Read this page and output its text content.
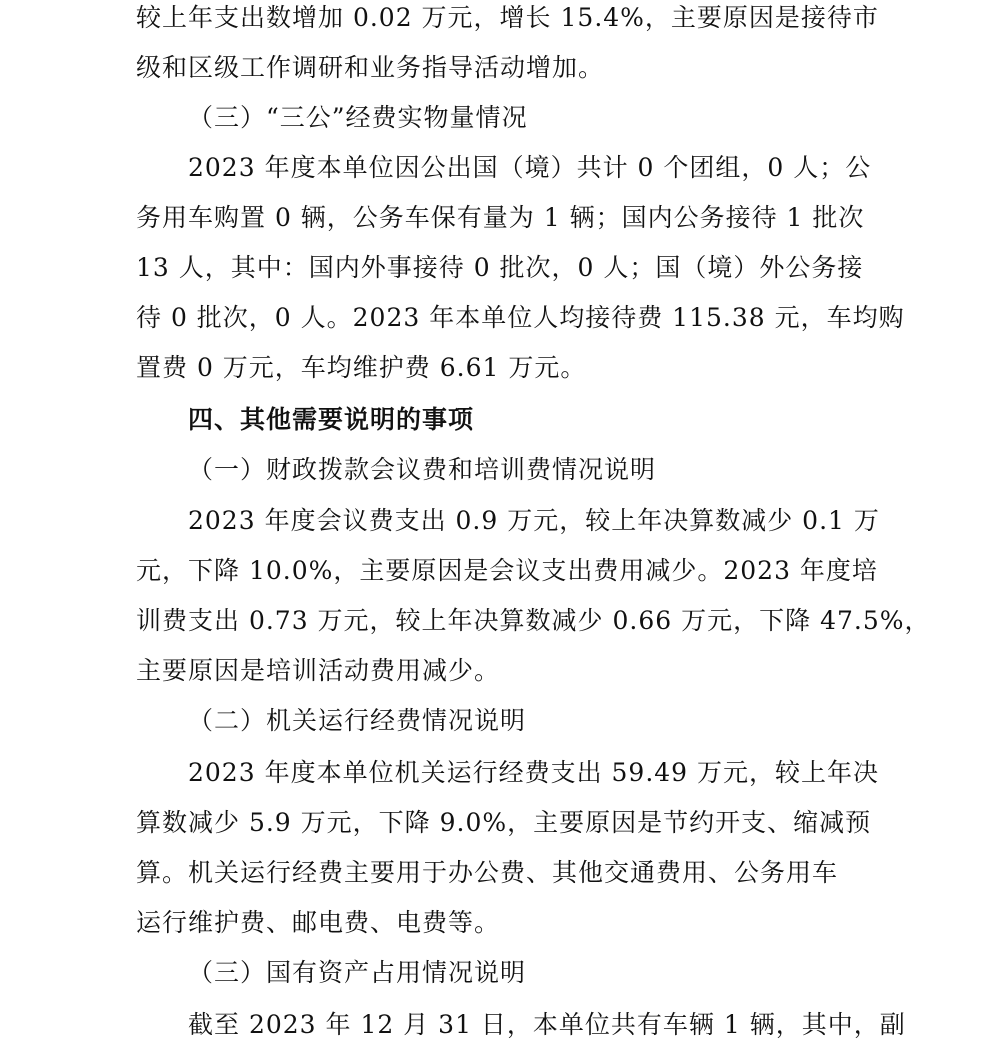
较上年支出数增加 0.02 万元，增长 15.4%，主要原因是接待市
级和区级工作调研和业务指导活动增加。
（三）“三公”经费实物量情况
2023 年度本单位因公出国（境）共计 0 个团组，0 人；公
务用车购置 0 辆，公务车保有量为 1 辆；国内公务接待 1 批次
13 人，其中：国内外事接待 0 批次，0 人；国（境）外公务接
待 0 批次，0 人。2023 年本单位人均接待费 115.38 元，车均购
置费 0 万元，车均维护费 6.61 万元。
四、其他需要说明的事项
（一）财政拨款会议费和培训费情况说明
2023 年度会议费支出 0.9 万元，较上年决算数减少 0.1 万
元，下降 10.0%，主要原因是会议支出费用减少。2023 年度培
训费支出 0.73 万元，较上年决算数减少 0.66 万元，下降 47.5%，
主要原因是培训活动费用减少。
（二）机关运行经费情况说明
2023 年度本单位机关运行经费支出 59.49 万元，较上年决
算数减少 5.9 万元，下降 9.0%，主要原因是节约开支、缩减预
算。机关运行经费主要用于办公费、其他交通费用、公务用车
运行维护费、邮电费、电费等。
（三）国有资产占用情况说明
截至 2023 年 12 月 31 日，本单位共有车辆 1 辆，其中，副
